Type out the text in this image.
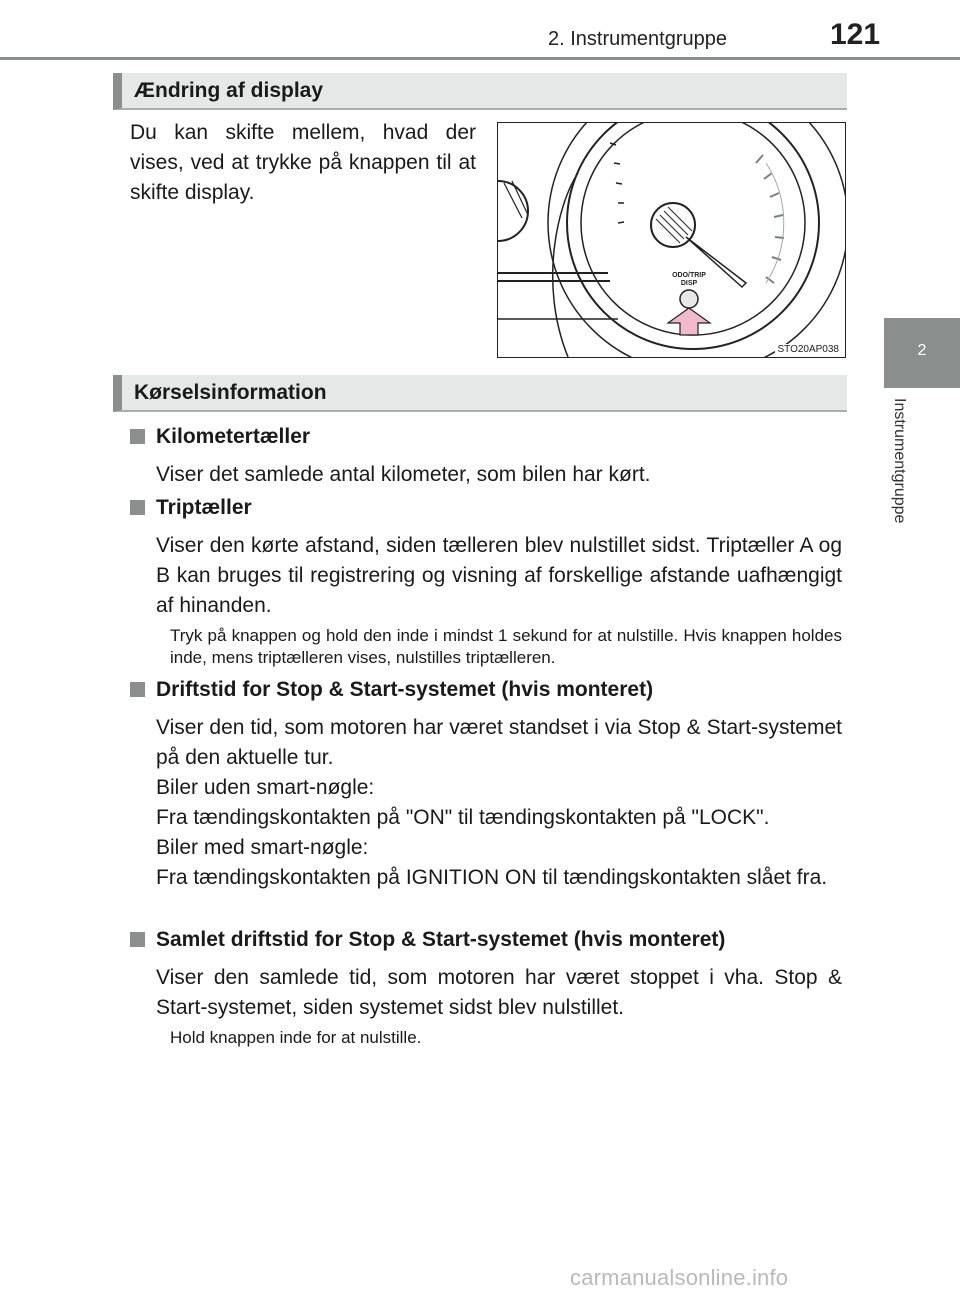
2. Instrumentgruppe	121
2
Instrumentgruppe
Ændring af display
Du kan skifte mellem, hvad der vises, ved at trykke på knappen til at skifte display.
ODO/TRIP
DISP
STO20AP038
Kørselsinformation
Kilometertæller
Viser det samlede antal kilometer, som bilen har kørt.
Triptæller
Viser den kørte afstand, siden tælleren blev nulstillet sidst. Triptæller A og B kan bruges til registrering og visning af forskellige afstande uafhængigt af hinanden.
Tryk på knappen og hold den inde i mindst 1 sekund for at nulstille. Hvis knappen holdes inde, mens triptælleren vises, nulstilles triptælleren.
Driftstid for Stop & Start-systemet (hvis monteret)
Viser den tid, som motoren har været standset i via Stop & Start-systemet på den aktuelle tur.
Biler uden smart-nøgle:
Fra tændingskontakten på "ON" til tændingskontakten på "LOCK".
Biler med smart-nøgle:
Fra tændingskontakten på IGNITION ON til tændingskontakten slået fra.
Samlet driftstid for Stop & Start-systemet (hvis monteret)
Viser den samlede tid, som motoren har været stoppet i vha. Stop & Start-systemet, siden systemet sidst blev nulstillet.
Hold knappen inde for at nulstille.
carmanualsonline.info
